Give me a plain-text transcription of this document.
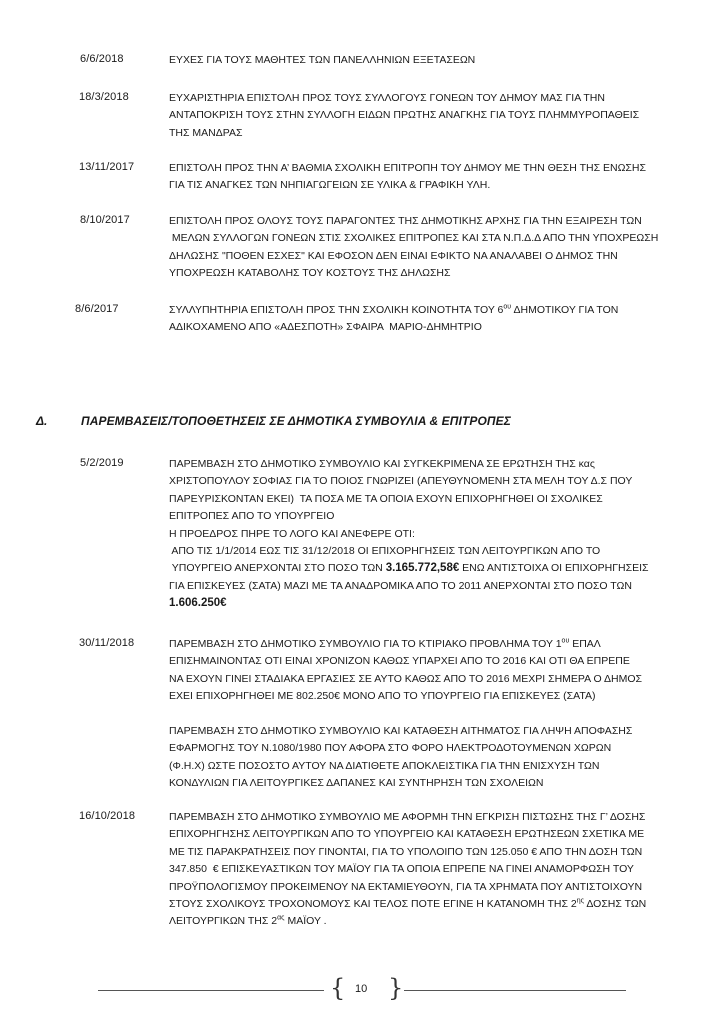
6/6/2018	ΕΥΧΕΣ ΓΙΑ ΤΟΥΣ ΜΑΘΗΤΕΣ ΤΩΝ ΠΑΝΕΛΛΗΝΙΩΝ ΕΞΕΤΑΣΕΩΝ
18/3/2018	ΕΥΧΑΡΙΣΤΗΡΙΑ ΕΠΙΣΤΟΛΗ ΠΡΟΣ ΤΟΥΣ ΣΥΛΛΟΓΟΥΣ ΓΟΝΕΩΝ ΤΟΥ ΔΗΜΟΥ ΜΑΣ ΓΙΑ ΤΗΝ
ΑΝΤΑΠΟΚΡΙΣΗ ΤΟΥΣ ΣΤΗΝ ΣΥΛΛΟΓΗ ΕΙΔΩΝ ΠΡΩΤΗΣ ΑΝΑΓΚΗΣ ΓΙΑ ΤΟΥΣ ΠΛΗΜΜΥΡΟΠΑΘΕΙΣ
ΤΗΣ ΜΑΝΔΡΑΣ
13/11/2017	ΕΠΙΣΤΟΛΗ ΠΡΟΣ ΤΗΝ Α’ ΒΑΘΜΙΑ ΣΧΟΛΙΚΗ ΕΠΙΤΡΟΠΗ ΤΟΥ ΔΗΜΟΥ ΜΕ ΤΗΝ ΘΕΣΗ ΤΗΣ ΕΝΩΣΗΣ
ΓΙΑ ΤΙΣ ΑΝΑΓΚΕΣ ΤΩΝ ΝΗΠΙΑΓΩΓΕΙΩΝ ΣΕ ΥΛΙΚΑ & ΓΡΑΦΙΚΗ ΥΛΗ.
8/10/2017	ΕΠΙΣΤΟΛΗ ΠΡΟΣ ΟΛΟΥΣ ΤΟΥΣ ΠΑΡΑΓΟΝΤΕΣ ΤΗΣ ΔΗΜΟΤΙΚΗΣ ΑΡΧΗΣ ΓΙΑ ΤΗΝ ΕΞΑΙΡΕΣΗ ΤΩΝ
ΜΕΛΩΝ ΣΥΛΛΟΓΩΝ ΓΟΝΕΩΝ ΣΤΙΣ ΣΧΟΛΙΚΕΣ ΕΠΙΤΡΟΠΕΣ ΚΑΙ ΣΤΑ Ν.Π.Δ.Δ ΑΠΟ ΤΗΝ ΥΠΟΧΡΕΩΣΗ
ΔΗΛΩΣΗΣ "ΠΟΘΕΝ ΕΣΧΕΣ" ΚΑΙ ΕΦΟΣΟΝ ΔΕΝ ΕΙΝΑΙ ΕΦΙΚΤΟ ΝΑ ΑΝΑΛΑΒΕΙ Ο ΔΗΜΟΣ ΤΗΝ
ΥΠΟΧΡΕΩΣΗ ΚΑΤΑΒΟΛΗΣ ΤΟΥ ΚΟΣΤΟΥΣ ΤΗΣ ΔΗΛΩΣΗΣ
8/6/2017	ΣΥΛΛΥΠΗΤΗΡΙΑ ΕΠΙΣΤΟΛΗ ΠΡΟΣ ΤΗΝ ΣΧΟΛΙΚΗ ΚΟΙΝΟΤΗΤΑ ΤΟΥ $6^{o\upsilon}$ ΔΗΜΟΤΙΚΟΥ ΓΙΑ ΤΟΝ
ΑΔΙΚΟΧΑΜΕΝΟ ΑΠΟ «ΑΔΕΣΠΟΤΗ» ΣΦΑΙΡΑ  ΜΑΡΙΟ-ΔΗΜΗΤΡΙΟ
Δ.	ΠΑΡΕΜΒΑΣΕΙΣ/ΤΟΠΟΘΕΤΗΣΕΙΣ ΣΕ ΔΗΜΟΤΙΚΑ ΣΥΜΒΟΥΛΙΑ & ΕΠΙΤΡΟΠΕΣ
5/2/2019	ΠΑΡΕΜΒΑΣΗ ΣΤΟ ΔΗΜΟΤΙΚΟ ΣΥΜΒΟΥΛΙΟ ΚΑΙ ΣΥΓΚΕΚΡΙΜΕΝΑ ΣΕ ΕΡΩΤΗΣΗ ΤΗΣ κας
ΧΡΙΣΤΟΠΟΥΛΟΥ ΣΟΦΙΑΣ ΓΙΑ ΤΟ ΠΟΙΟΣ ΓΝΩΡΙΖΕΙ (ΑΠΕΥΘΥΝΟΜΕΝΗ ΣΤΑ ΜΕΛΗ ΤΟΥ Δ.Σ ΠΟΥ
ΠΑΡΕΥΡΙΣΚΟΝΤΑΝ ΕΚΕΙ)  ΤΑ ΠΟΣΑ ΜΕ ΤΑ ΟΠΟΙΑ ΕΧΟΥΝ ΕΠΙΧΟΡΗΓΗΘΕΙ ΟΙ ΣΧΟΛΙΚΕΣ
ΕΠΙΤΡΟΠΕΣ ΑΠΟ ΤΟ ΥΠΟΥΡΓΕΙΟ
Η ΠΡΟΕΔΡΟΣ ΠΗΡΕ ΤΟ ΛΟΓΟ ΚΑΙ ΑΝΕΦΕΡΕ ΟΤΙ:
ΑΠΟ ΤΙΣ 1/1/2014 ΕΩΣ ΤΙΣ 31/12/2018 ΟΙ ΕΠΙΧΟΡΗΓΗΣΕΙΣ ΤΩΝ ΛΕΙΤΟΥΡΓΙΚΩΝ ΑΠΟ ΤΟ
ΥΠΟΥΡΓΕΙΟ ΑΝΕΡΧΟΝΤΑΙ ΣΤΟ ΠΟΣΟ ΤΩΝ 3.165.772,58€ ΕΝΩ ΑΝΤΙΣΤΟΙΧΑ ΟΙ ΕΠΙΧΟΡΗΓΗΣΕΙΣ
ΓΙΑ ΕΠΙΣΚΕΥΕΣ (ΣΑΤΑ) ΜΑΖΙ ΜΕ ΤΑ ΑΝΑΔΡΟΜΙΚΑ ΑΠΟ ΤΟ 2011 ΑΝΕΡΧΟΝΤΑΙ ΣΤΟ ΠΟΣΟ ΤΩΝ
1.606.250€
30/11/2018	ΠΑΡΕΜΒΑΣΗ ΣΤΟ ΔΗΜΟΤΙΚΟ ΣΥΜΒΟΥΛΙΟ ΓΙΑ ΤΟ ΚΤΙΡΙΑΚΟ ΠΡΟΒΛΗΜΑ ΤΟΥ $1^{o\upsilon}$ ΕΠΑΛ
ΕΠΙΣΗΜΑΙΝΟΝΤΑΣ ΟΤΙ ΕΙΝΑΙ ΧΡΟΝΙΖΟΝ ΚΑΘΩΣ ΥΠΑΡΧΕΙ ΑΠΟ ΤΟ 2016 ΚΑΙ ΟΤΙ ΘΑ ΕΠΡΕΠΕ
ΝΑ ΕΧΟΥΝ ΓΙΝΕΙ ΣΤΑΔΙΑΚΑ ΕΡΓΑΣΙΕΣ ΣΕ ΑΥΤΟ ΚΑΘΩΣ ΑΠΟ ΤΟ 2016 ΜΕΧΡΙ ΣΗΜΕΡΑ Ο ΔΗΜΟΣ
ΕΧΕΙ ΕΠΙΧΟΡΗΓΗΘΕΙ ΜΕ 802.250€ ΜΟΝΟ ΑΠΟ ΤΟ ΥΠΟΥΡΓΕΙΟ ΓΙΑ ΕΠΙΣΚΕΥΕΣ (ΣΑΤΑ)
ΠΑΡΕΜΒΑΣΗ ΣΤΟ ΔΗΜΟΤΙΚΟ ΣΥΜΒΟΥΛΙΟ ΚΑΙ ΚΑΤΑΘΕΣΗ ΑΙΤΗΜΑΤΟΣ ΓΙΑ ΛΗΨΗ ΑΠΟΦΑΣΗΣ
ΕΦΑΡΜΟΓΗΣ ΤΟΥ Ν.1080/1980 ΠΟΥ ΑΦΟΡΑ ΣΤΟ ΦΟΡΟ ΗΛΕΚΤΡΟΔΟΤΟΥΜΕΝΩΝ ΧΩΡΩΝ
(Φ.Η.Χ) ΩΣΤΕ ΠΟΣΟΣΤΟ ΑΥΤΟΥ ΝΑ ΔΙΑΤΙΘΕΤΕ ΑΠΟΚΛΕΙΣΤΙΚΑ ΓΙΑ ΤΗΝ ΕΝΙΣΧΥΣΗ ΤΩΝ
ΚΟΝΔΥΛΙΩΝ ΓΙΑ ΛΕΙΤΟΥΡΓΙΚΕΣ ΔΑΠΑΝΕΣ ΚΑΙ ΣΥΝΤΗΡΗΣΗ ΤΩΝ ΣΧΟΛΕΙΩΝ
16/10/2018	ΠΑΡΕΜΒΑΣΗ ΣΤΟ ΔΗΜΟΤΙΚΟ ΣΥΜΒΟΥΛΙΟ ΜΕ ΑΦΟΡΜΗ ΤΗΝ ΕΓΚΡΙΣΗ ΠΙΣΤΩΣΗΣ ΤΗΣ Γ’ ΔΟΣΗΣ
ΕΠΙΧΟΡΗΓΗΣΗΣ ΛΕΙΤΟΥΡΓΙΚΩΝ ΑΠΟ ΤΟ ΥΠΟΥΡΓΕΙΟ ΚΑΙ ΚΑΤΑΘΕΣΗ ΕΡΩΤΗΣΕΩΝ ΣΧΕΤΙΚΑ ΜΕ
ΜΕ ΤΙΣ ΠΑΡΑΚΡΑΤΗΣΕΙΣ ΠΟΥ ΓΙΝΟΝΤΑΙ, ΓΙΑ ΤΟ ΥΠΟΛΟΙΠΟ ΤΩΝ 125.050 € ΑΠΟ ΤΗΝ ΔΟΣΗ ΤΩΝ
347.850  € ΕΠΙΣΚΕΥΑΣΤΙΚΩΝ ΤΟΥ ΜΑΪΟΥ ΓΙΑ ΤΑ ΟΠΟΙΑ ΕΠΡΕΠΕ ΝΑ ΓΙΝΕΙ ΑΝΑΜΟΡΦΩΣΗ ΤΟΥ
ΠΡΟΫΠΟΛΟΓΙΣΜΟΥ ΠΡΟΚΕΙΜΕΝΟΥ ΝΑ ΕΚΤΑΜΙΕΥΘΟΥΝ, ΓΙΑ ΤΑ ΧΡΗΜΑΤΑ ΠΟΥ ΑΝΤΙΣΤΟΙΧΟΥΝ
ΣΤΟΥΣ ΣΧΟΛΙΚΟΥΣ ΤΡΟΧΟΝΟΜΟΥΣ ΚΑΙ ΤΕΛΟΣ ΠΟΤΕ ΕΓΙΝΕ Η ΚΑΤΑΝΟΜΗ ΤΗΣ $2^{\eta\varsigma}$ ΔΟΣΗΣ ΤΩΝ
ΛΕΙΤΟΥΡΓΙΚΩΝ ΤΗΣ $2^{\alpha\varsigma}$ ΜΑΪΟΥ .
{ 10 }
